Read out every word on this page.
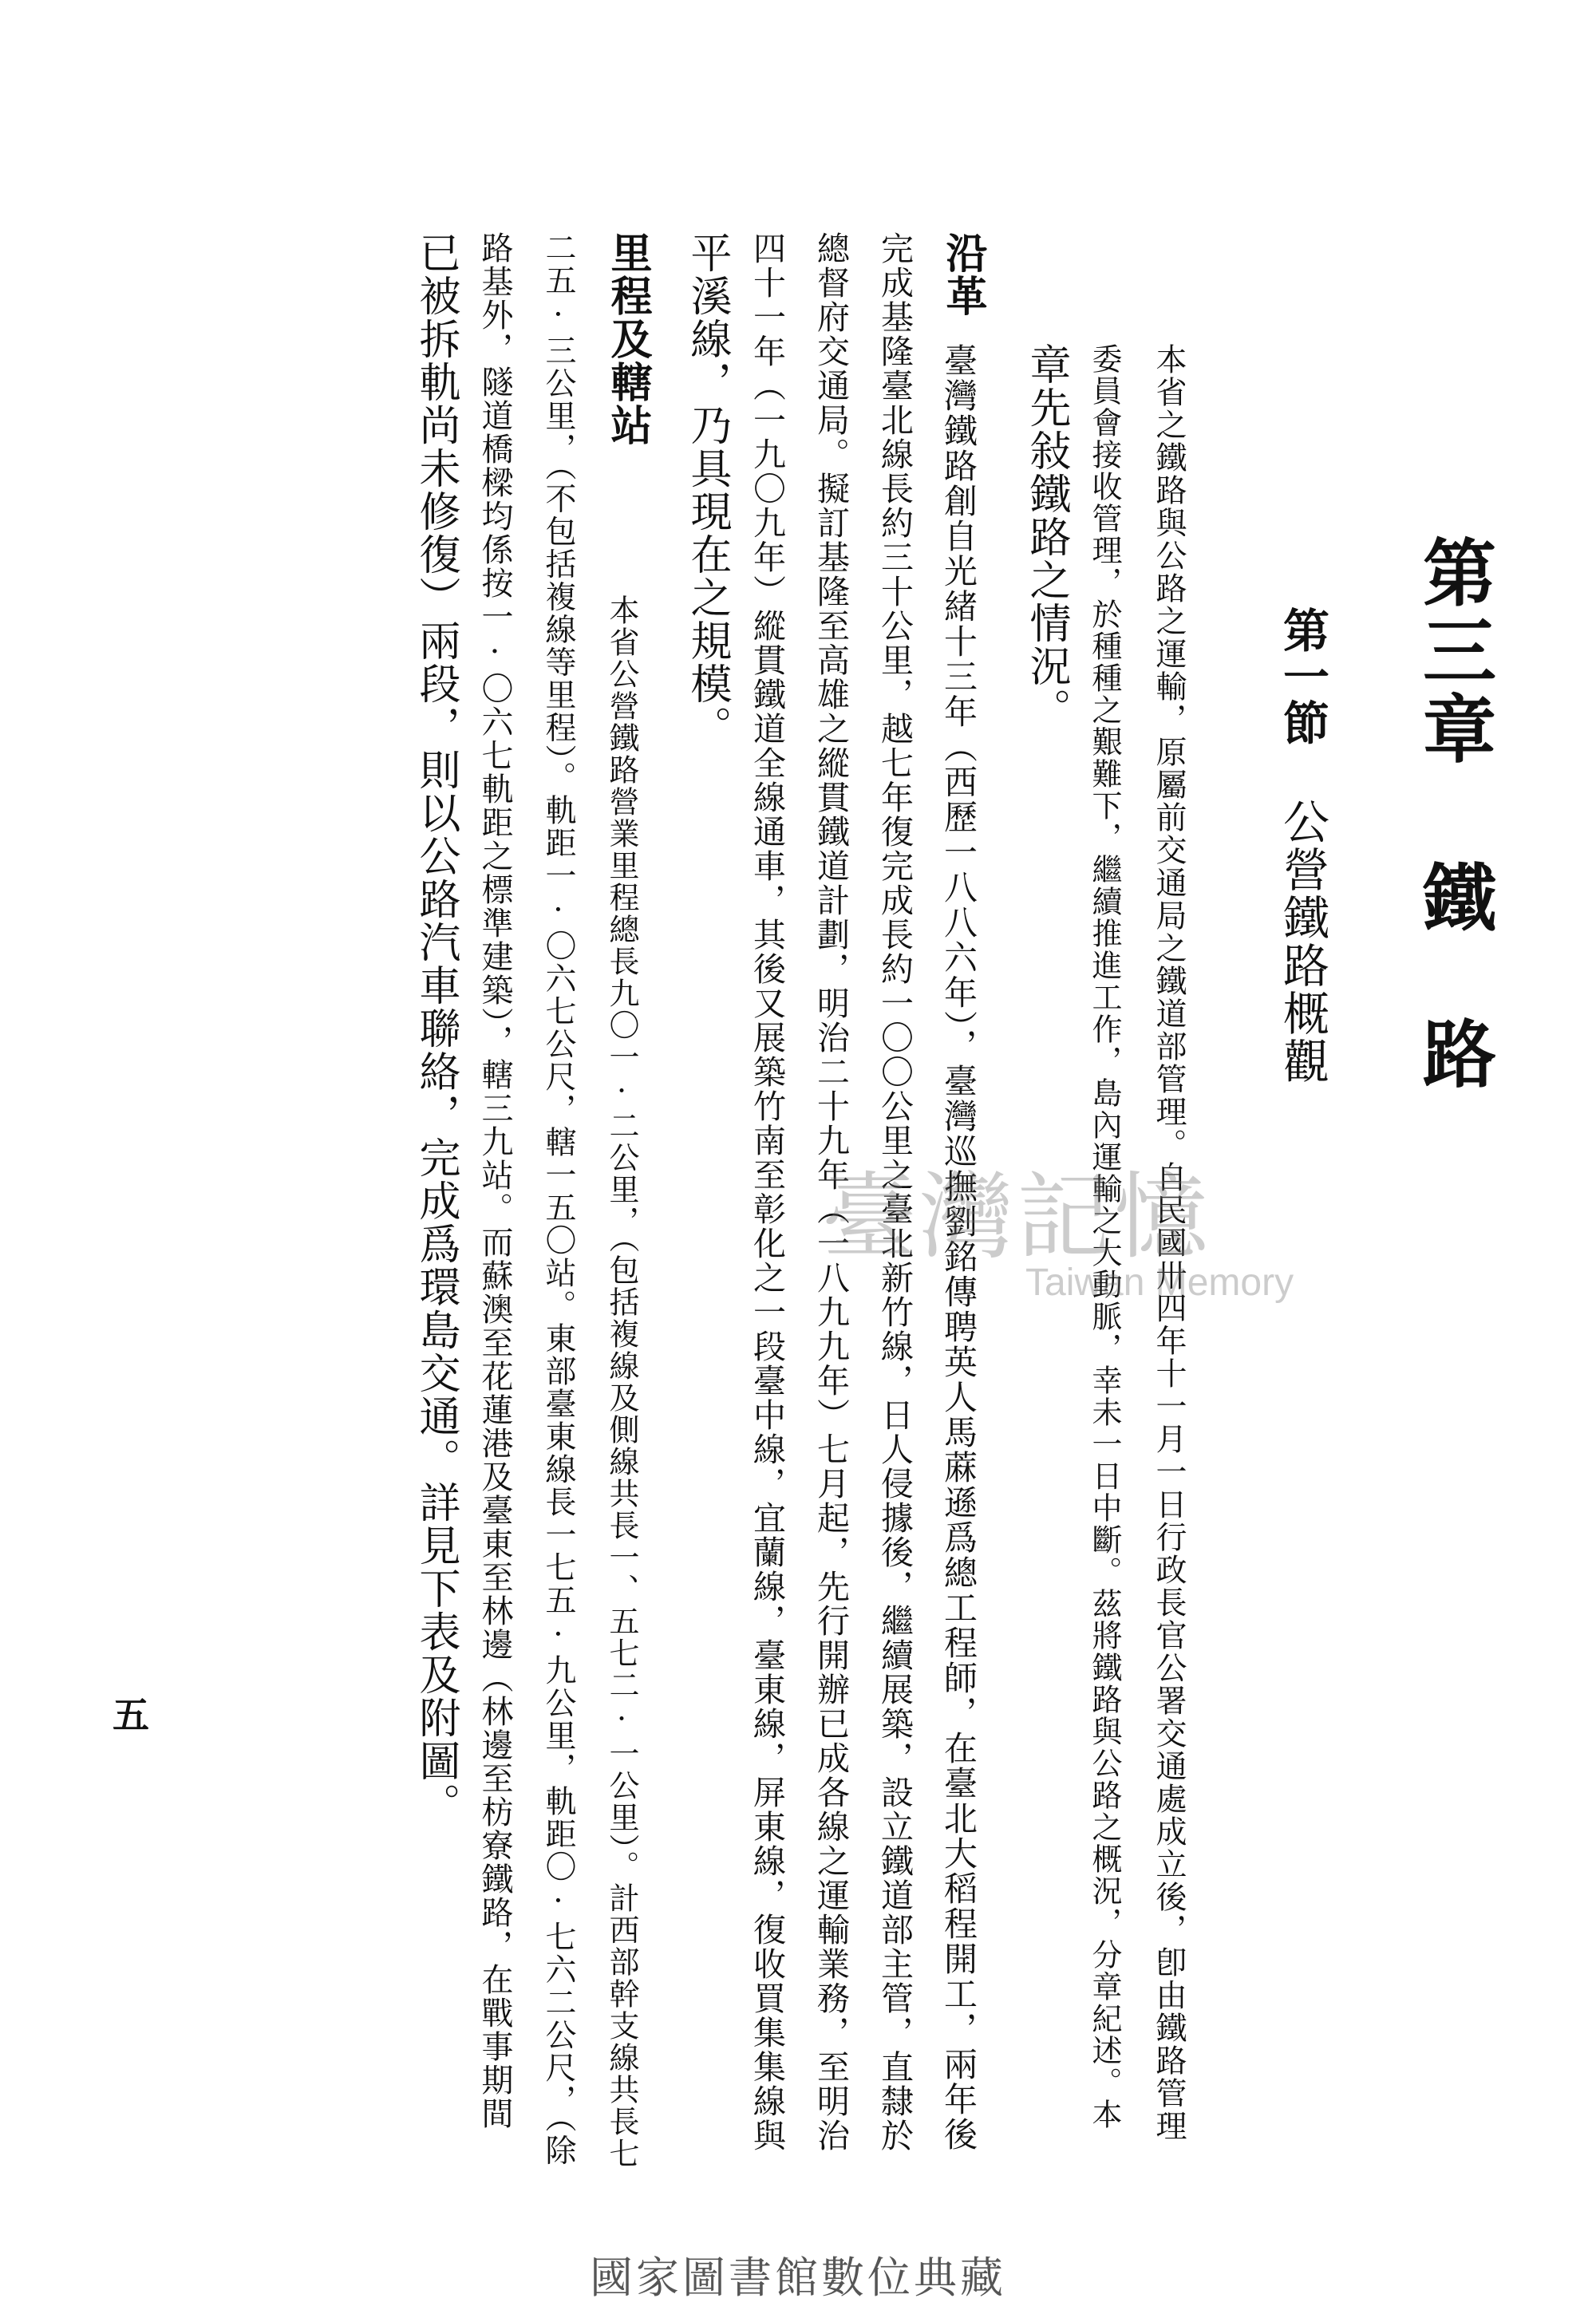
第三章 鐵　路
第一節
公營鐵路概觀
本省之鐵路與公路之運輸，原屬前交通局之鐵道部管理。自民國卅四年十一月一日行政長官公署交通處成立後，卽由鐵路管理
委員會接收管理，於種種之艱難下，繼續推進工作，島內運輸之大動脈，幸未一日中斷。茲將鐵路與公路之概況，分章紀述。本
章先敍鐵路之情況。
沿革
臺灣鐵路創自光緒十三年（西歷一八八六年），臺灣巡撫劉銘傳聘英人馬蔴遜爲總工程師，在臺北大稻程開工，兩年後
完成基隆臺北線長約三十公里，越七年復完成長約一〇〇公里之臺北新竹線，日人侵據後，繼續展築，設立鐵道部主管，直隸於
總督府交通局。擬訂基隆至高雄之縱貫鐵道計劃，明治二十九年（一八九九年）七月起，先行開辦已成各線之運輸業務，至明治
四十一年（一九〇九年）縱貫鐵道全線通車，其後又展築竹南至彰化之一段臺中線，宜蘭線，臺東線，屏東線，復收買集集線與
平溪線，乃具現在之規模。
里程及轄站
本省公營鐵路營業里程總長九〇一·二公里，（包括複線及側線共長一、五七二·一公里）。計西部幹支線共長七
二五·三公里，（不包括複線等里程）。軌距一·〇六七公尺，轄一五〇站。東部臺東線長一七五·九公里，軌距〇·七六二公尺，（除
路基外，隧道橋樑均係按一·〇六七軌距之標準建築），轄三九站。而蘇澳至花蓮港及臺東至林邊（林邊至枋寮鐵路，在戰事期間
已被拆軌尚未修復）兩段，則以公路汽車聯絡，完成爲環島交通。詳見下表及附圖。
五
臺灣記憶
Taiwan Memory
國家圖書館數位典藏
